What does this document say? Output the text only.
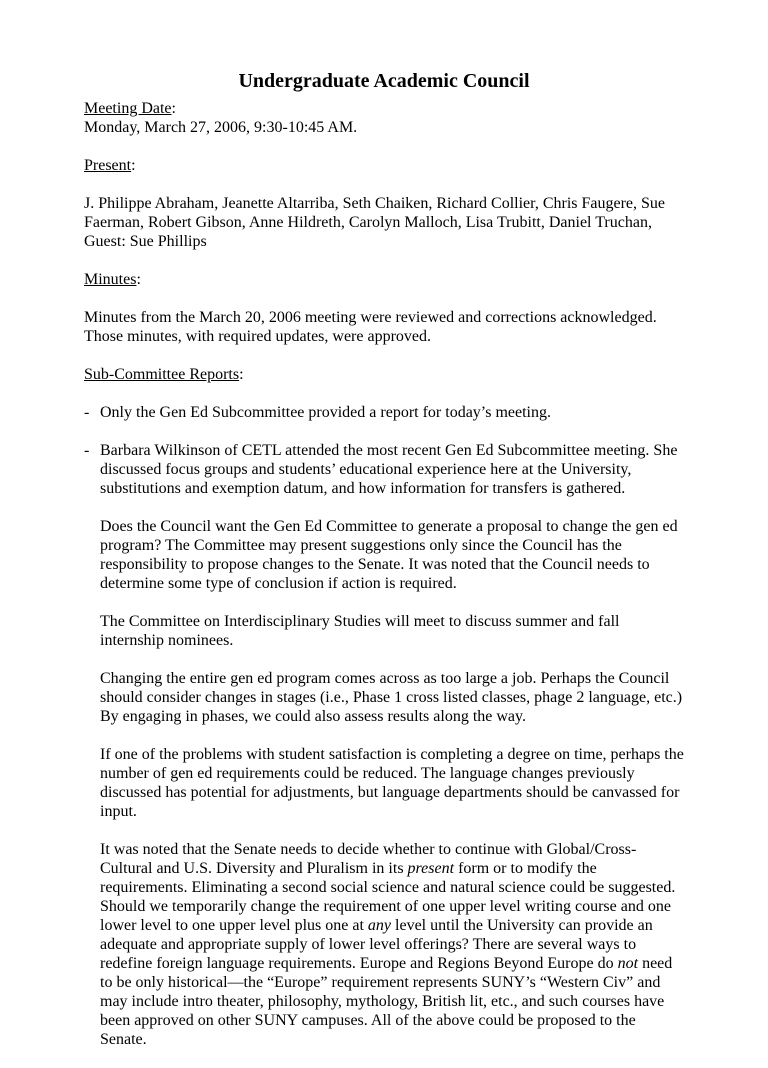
Undergraduate Academic Council

Meeting Date:

Monday, March 27, 2006, 9:30-10:45 AM.

Present:

J. Philippe Abraham, Jeanette Altarriba, Seth Chaiken, Richard Collier, Chris Faugere, Sue Faerman, Robert Gibson, Anne Hildreth, Carolyn Malloch, Lisa Trubitt, Daniel Truchan, Guest: Sue Phillips

Minutes:

Minutes from the March 20, 2006 meeting were reviewed and corrections acknowledged. Those minutes, with required updates, were approved.

Sub-Committee Reports:

- Only the Gen Ed Subcommittee provided a report for today’s meeting.

- Barbara Wilkinson of CETL attended the most recent Gen Ed Subcommittee meeting. She discussed focus groups and students’ educational experience here at the University, substitutions and exemption datum, and how information for transfers is gathered.

Does the Council want the Gen Ed Committee to generate a proposal to change the gen ed program? The Committee may present suggestions only since the Council has the responsibility to propose changes to the Senate. It was noted that the Council needs to determine some type of conclusion if action is required.

The Committee on Interdisciplinary Studies will meet to discuss summer and fall internship nominees.

Changing the entire gen ed program comes across as too large a job. Perhaps the Council should consider changes in stages (i.e., Phase 1 cross listed classes, phage 2 language, etc.) By engaging in phases, we could also assess results along the way.

If one of the problems with student satisfaction is completing a degree on time, perhaps the number of gen ed requirements could be reduced. The language changes previously discussed has potential for adjustments, but language departments should be canvassed for input.

It was noted that the Senate needs to decide whether to continue with Global/Cross-Cultural and U.S. Diversity and Pluralism in its present form or to modify the requirements. Eliminating a second social science and natural science could be suggested. Should we temporarily change the requirement of one upper level writing course and one lower level to one upper level plus one at any level until the University can provide an adequate and appropriate supply of lower level offerings? There are several ways to redefine foreign language requirements. Europe and Regions Beyond Europe do not need to be only historical—the “Europe” requirement represents SUNY’s “Western Civ” and may include intro theater, philosophy, mythology, British lit, etc., and such courses have been approved on other SUNY campuses. All of the above could be proposed to the Senate.
